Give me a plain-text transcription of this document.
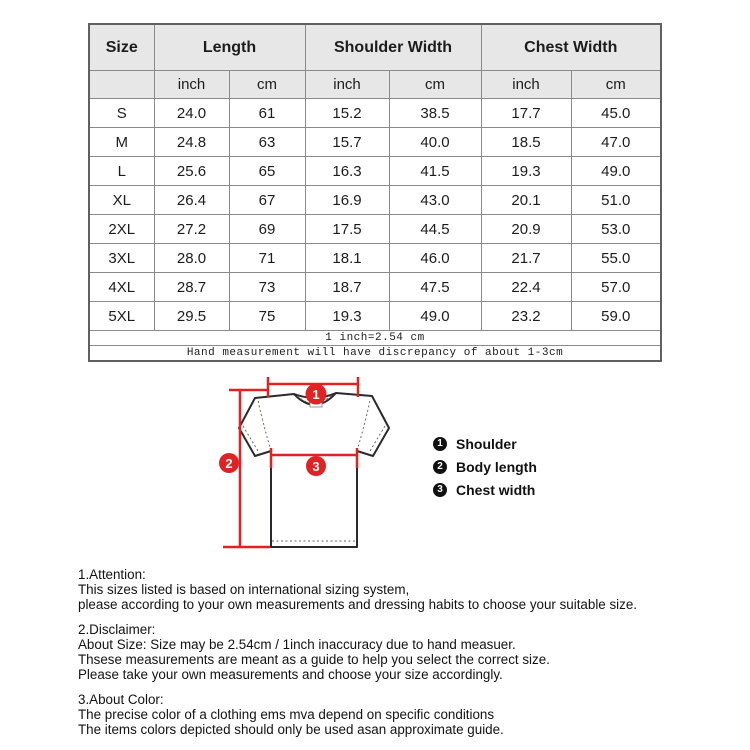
Size	Length		Shoulder Width		Chest Width	
	inch	cm	inch	cm	inch	cm
S	24.0	61	15.2	38.5	17.7	45.0
M	24.8	63	15.7	40.0	18.5	47.0
L	25.6	65	16.3	41.5	19.3	49.0
XL	26.4	67	16.9	43.0	20.1	51.0
2XL	27.2	69	17.5	44.5	20.9	53.0
3XL	28.0	71	18.1	46.0	21.7	55.0
4XL	28.7	73	18.7	47.5	22.4	57.0
5XL	29.5	75	19.3	49.0	23.2	59.0
1 inch=2.54 cm						
Hand measurement will have discrepancy of about 1-3cm						
1
2	3
1 Shoulder
2 Body length
3 Chest width
1.Attention:
This sizes listed is based on international sizing system,
please according to your own measurements and dressing habits to choose your suitable size.
2.Disclaimer:
About Size: Size may be 2.54cm / 1inch inaccuracy due to hand measuer.
Thsese measurements are meant as a guide to help you select the correct size.
Please take your own measurements and choose your size accordingly.
3.About Color:
The precise color of a clothing ems mva depend on specific conditions
The items colors depicted should only be used asan approximate guide.
